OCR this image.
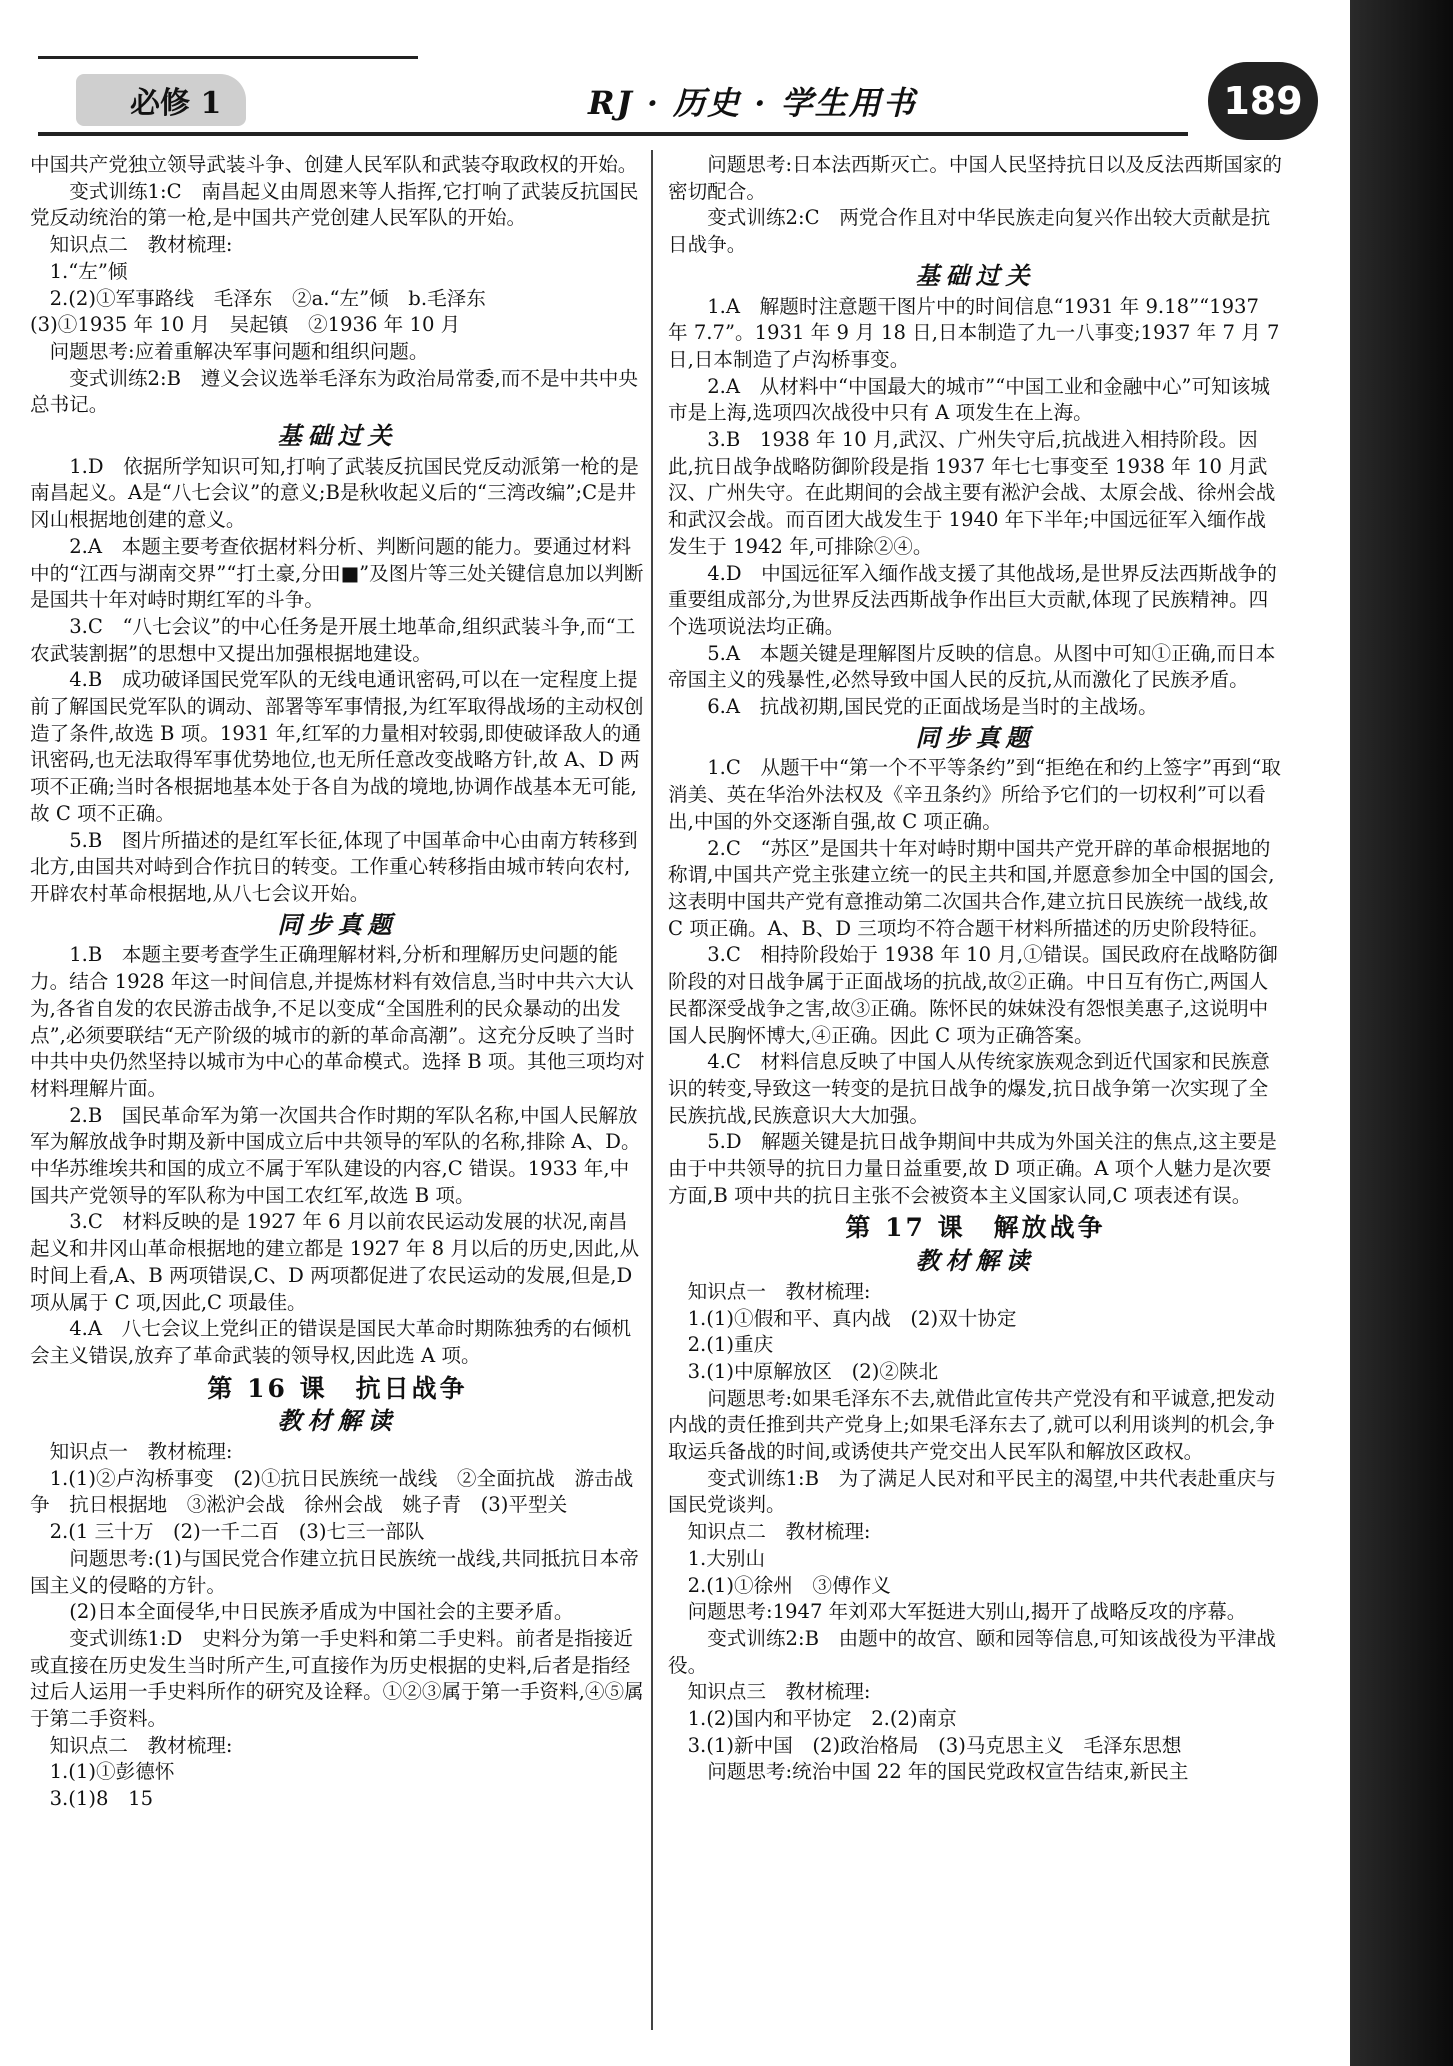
必修 1	RJ · 历史 · 学生用书	189

中国共产党独立领导武装斗争、创建人民军队和武装夺取政权的开始。

变式训练1:C　南昌起义由周恩来等人指挥,它打响了武装反抗国民党反动统治的第一枪,是中国共产党创建人民军队的开始。

知识点二　教材梳理:

1.“左”倾

2.(2)①军事路线　毛泽东　②a.“左”倾　b.毛泽东

(3)①1935 年 10 月　吴起镇　②1936 年 10 月

问题思考:应着重解决军事问题和组织问题。

变式训练2:B　遵义会议选举毛泽东为政治局常委,而不是中共中央总书记。

基础过关

1.D　依据所学知识可知,打响了武装反抗国民党反动派第一枪的是南昌起义。A是“八七会议”的意义;B是秋收起义后的“三湾改编”;C是井冈山根据地创建的意义。

2.A　本题主要考查依据材料分析、判断问题的能力。要通过材料中的“江西与湖南交界”“打土豪,分田■”及图片等三处关键信息加以判断是国共十年对峙时期红军的斗争。

3.C　“八七会议”的中心任务是开展土地革命,组织武装斗争,而“工农武装割据”的思想中又提出加强根据地建设。

4.B　成功破译国民党军队的无线电通讯密码,可以在一定程度上提前了解国民党军队的调动、部署等军事情报,为红军取得战场的主动权创造了条件,故选 B 项。1931 年,红军的力量相对较弱,即使破译敌人的通讯密码,也无法取得军事优势地位,也无所任意改变战略方针,故 A、D 两项不正确;当时各根据地基本处于各自为战的境地,协调作战基本无可能,故 C 项不正确。

5.B　图片所描述的是红军长征,体现了中国革命中心由南方转移到北方,由国共对峙到合作抗日的转变。工作重心转移指由城市转向农村,开辟农村革命根据地,从八七会议开始。

同步真题

1.B　本题主要考查学生正确理解材料,分析和理解历史问题的能力。结合 1928 年这一时间信息,并提炼材料有效信息,当时中共六大认为,各省自发的农民游击战争,不足以变成“全国胜利的民众暴动的出发点”,必须要联结“无产阶级的城市的新的革命高潮”。这充分反映了当时中共中央仍然坚持以城市为中心的革命模式。选择 B 项。其他三项均对材料理解片面。

2.B　国民革命军为第一次国共合作时期的军队名称,中国人民解放军为解放战争时期及新中国成立后中共领导的军队的名称,排除 A、D。中华苏维埃共和国的成立不属于军队建设的内容,C 错误。1933 年,中国共产党领导的军队称为中国工农红军,故选 B 项。

3.C　材料反映的是 1927 年 6 月以前农民运动发展的状况,南昌起义和井冈山革命根据地的建立都是 1927 年 8 月以后的历史,因此,从时间上看,A、B 两项错误,C、D 两项都促进了农民运动的发展,但是,D 项从属于 C 项,因此,C 项最佳。

4.A　八七会议上党纠正的错误是国民大革命时期陈独秀的右倾机会主义错误,放弃了革命武装的领导权,因此选 A 项。

第 16 课　抗日战争

教材解读

知识点一　教材梳理:

1.(1)②卢沟桥事变　(2)①抗日民族统一战线　②全面抗战　游击战争　抗日根据地　③淞沪会战　徐州会战　姚子青　(3)平型关

2.(1 三十万　(2)一千二百　(3)七三一部队

问题思考:(1)与国民党合作建立抗日民族统一战线,共同抵抗日本帝国主义的侵略的方针。

(2)日本全面侵华,中日民族矛盾成为中国社会的主要矛盾。

变式训练1:D　史料分为第一手史料和第二手史料。前者是指接近或直接在历史发生当时所产生,可直接作为历史根据的史料,后者是指经过后人运用一手史料所作的研究及诠释。①②③属于第一手资料,④⑤属于第二手资料。

知识点二　教材梳理:

1.(1)①彭德怀

3.(1)8　15

问题思考:日本法西斯灭亡。中国人民坚持抗日以及反法西斯国家的密切配合。

变式训练2:C　两党合作且对中华民族走向复兴作出较大贡献是抗日战争。

基础过关

1.A　解题时注意题干图片中的时间信息“1931 年 9.18”“1937 年 7.7”。1931 年 9 月 18 日,日本制造了九一八事变;1937 年 7 月 7 日,日本制造了卢沟桥事变。

2.A　从材料中“中国最大的城市”“中国工业和金融中心”可知该城市是上海,选项四次战役中只有 A 项发生在上海。

3.B　1938 年 10 月,武汉、广州失守后,抗战进入相持阶段。因此,抗日战争战略防御阶段是指 1937 年七七事变至 1938 年 10 月武汉、广州失守。在此期间的会战主要有淞沪会战、太原会战、徐州会战和武汉会战。而百团大战发生于 1940 年下半年;中国远征军入缅作战发生于 1942 年,可排除②④。

4.D　中国远征军入缅作战支援了其他战场,是世界反法西斯战争的重要组成部分,为世界反法西斯战争作出巨大贡献,体现了民族精神。四个选项说法均正确。

5.A　本题关键是理解图片反映的信息。从图中可知①正确,而日本帝国主义的残暴性,必然导致中国人民的反抗,从而激化了民族矛盾。

6.A　抗战初期,国民党的正面战场是当时的主战场。

同步真题

1.C　从题干中“第一个不平等条约”到“拒绝在和约上签字”再到“取消美、英在华治外法权及《辛丑条约》所给予它们的一切权利”可以看出,中国的外交逐渐自强,故 C 项正确。

2.C　“苏区”是国共十年对峙时期中国共产党开辟的革命根据地的称谓,中国共产党主张建立统一的民主共和国,并愿意参加全中国的国会,这表明中国共产党有意推动第二次国共合作,建立抗日民族统一战线,故 C 项正确。A、B、D 三项均不符合题干材料所描述的历史阶段特征。

3.C　相持阶段始于 1938 年 10 月,①错误。国民政府在战略防御阶段的对日战争属于正面战场的抗战,故②正确。中日互有伤亡,两国人民都深受战争之害,故③正确。陈怀民的妹妹没有怨恨美惠子,这说明中国人民胸怀博大,④正确。因此 C 项为正确答案。

4.C　材料信息反映了中国人从传统家族观念到近代国家和民族意识的转变,导致这一转变的是抗日战争的爆发,抗日战争第一次实现了全民族抗战,民族意识大大加强。

5.D　解题关键是抗日战争期间中共成为外国关注的焦点,这主要是由于中共领导的抗日力量日益重要,故 D 项正确。A 项个人魅力是次要方面,B 项中共的抗日主张不会被资本主义国家认同,C 项表述有误。

第 17 课　解放战争

教材解读

知识点一　教材梳理:

1.(1)①假和平、真内战　(2)双十协定

2.(1)重庆

3.(1)中原解放区　(2)②陕北

问题思考:如果毛泽东不去,就借此宣传共产党没有和平诚意,把发动内战的责任推到共产党身上;如果毛泽东去了,就可以利用谈判的机会,争取运兵备战的时间,或诱使共产党交出人民军队和解放区政权。

变式训练1:B　为了满足人民对和平民主的渴望,中共代表赴重庆与国民党谈判。

知识点二　教材梳理:

1.大别山

2.(1)①徐州　③傅作义

问题思考:1947 年刘邓大军挺进大别山,揭开了战略反攻的序幕。

变式训练2:B　由题中的故宫、颐和园等信息,可知该战役为平津战役。

知识点三　教材梳理:

1.(2)国内和平协定　2.(2)南京

3.(1)新中国　(2)政治格局　(3)马克思主义　毛泽东思想

问题思考:统治中国 22 年的国民党政权宣告结束,新民主
